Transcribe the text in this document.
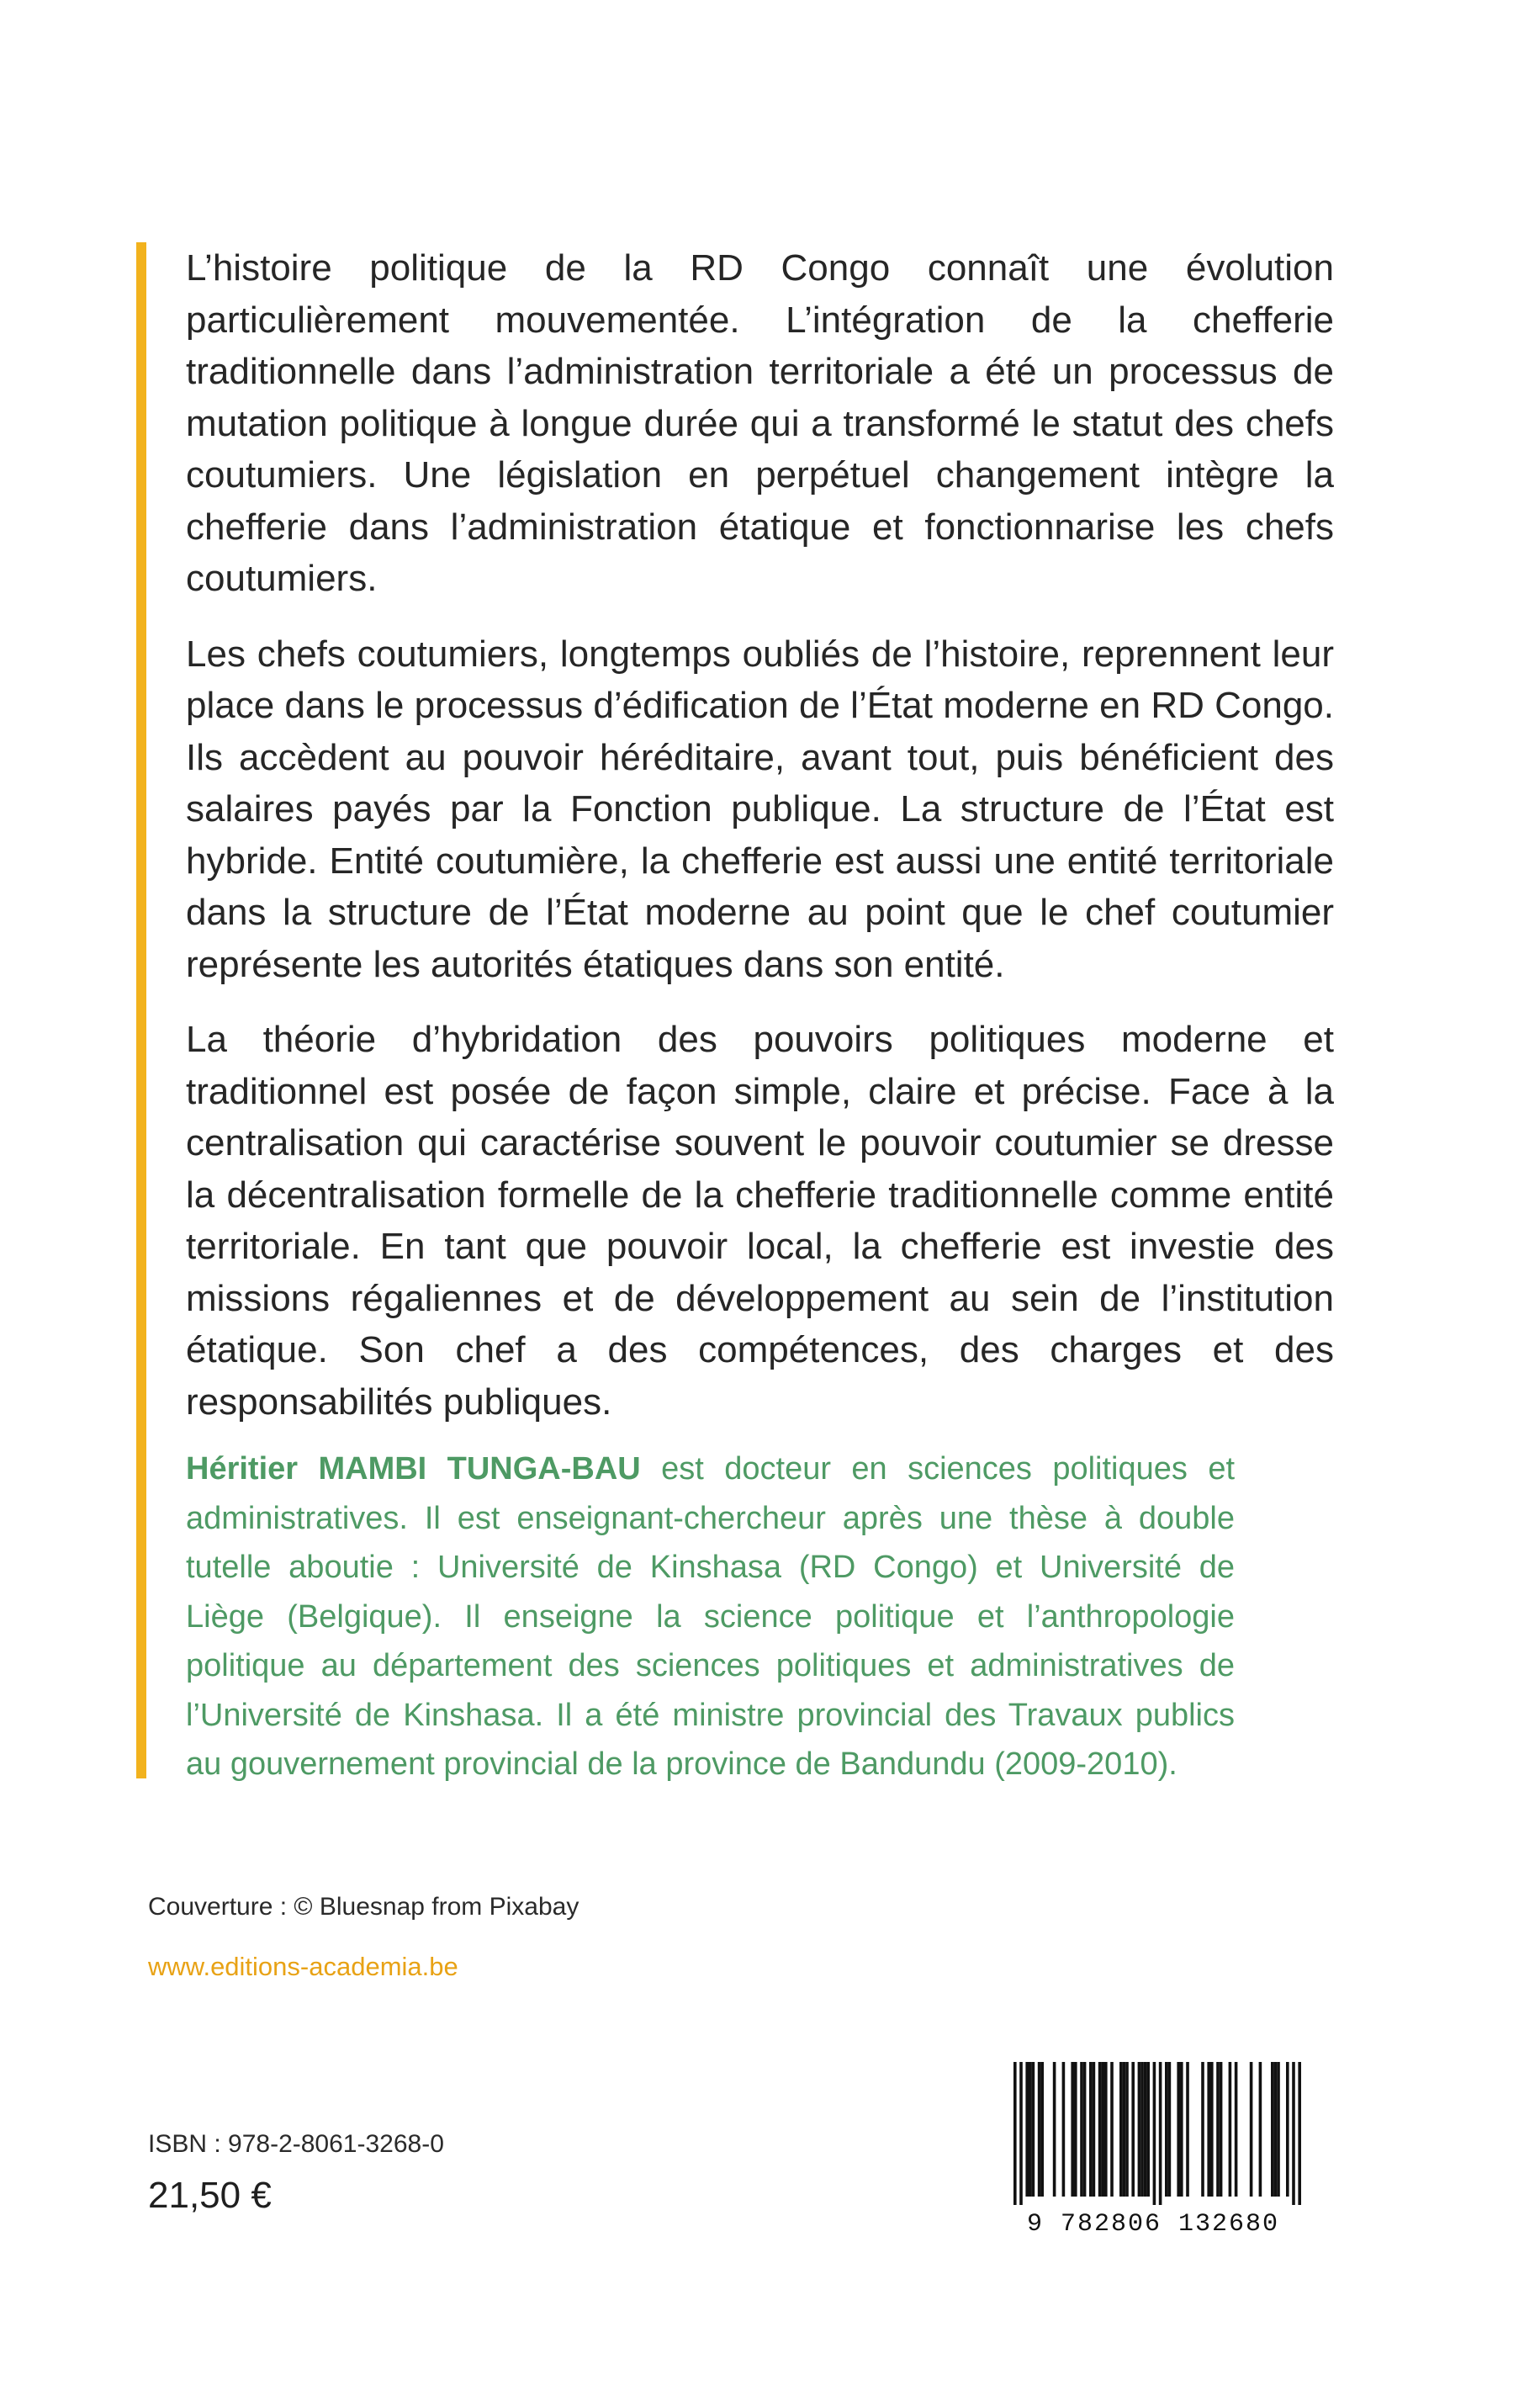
L’histoire politique de la RD Congo connaît une évolution particulièrement mouvementée. L’intégration de la chefferie traditionnelle dans l’administration territoriale a été un processus de mutation politique à longue durée qui a transformé le statut des chefs coutumiers. Une législation en perpétuel changement intègre la chefferie dans l’administration étatique et fonctionnarise les chefs coutumiers.

Les chefs coutumiers, longtemps oubliés de l’histoire, reprennent leur place dans le processus d’édification de l’État moderne en RD Congo. Ils accèdent au pouvoir héréditaire, avant tout, puis bénéficient des salaires payés par la Fonction publique. La structure de l’État est hybride. Entité coutumière, la chefferie est aussi une entité territoriale dans la structure de l’État moderne au point que le chef coutumier représente les autorités étatiques dans son entité.

La théorie d’hybridation des pouvoirs politiques moderne et traditionnel est posée de façon simple, claire et précise. Face à la centralisation qui caractérise souvent le pouvoir coutumier se dresse la décentralisation formelle de la chefferie traditionnelle comme entité territoriale. En tant que pouvoir local, la chefferie est investie des missions régaliennes et de développement au sein de l’institution étatique. Son chef a des compétences, des charges et des responsabilités publiques.

Héritier MAMBI TUNGA-BAU est docteur en sciences politiques et administratives. Il est enseignant-chercheur après une thèse à double tutelle aboutie : Université de Kinshasa (RD Congo) et Université de Liège (Belgique). Il enseigne la science politique et l’anthropologie politique au département des sciences politiques et administratives de l’Université de Kinshasa. Il a été ministre provincial des Travaux publics au gouvernement provincial de la province de Bandundu (2009-2010).

Couverture : © Bluesnap from Pixabay

www.editions-academia.be

ISBN : 978-2-8061-3268-0

21,50 €

9 782806 132680
